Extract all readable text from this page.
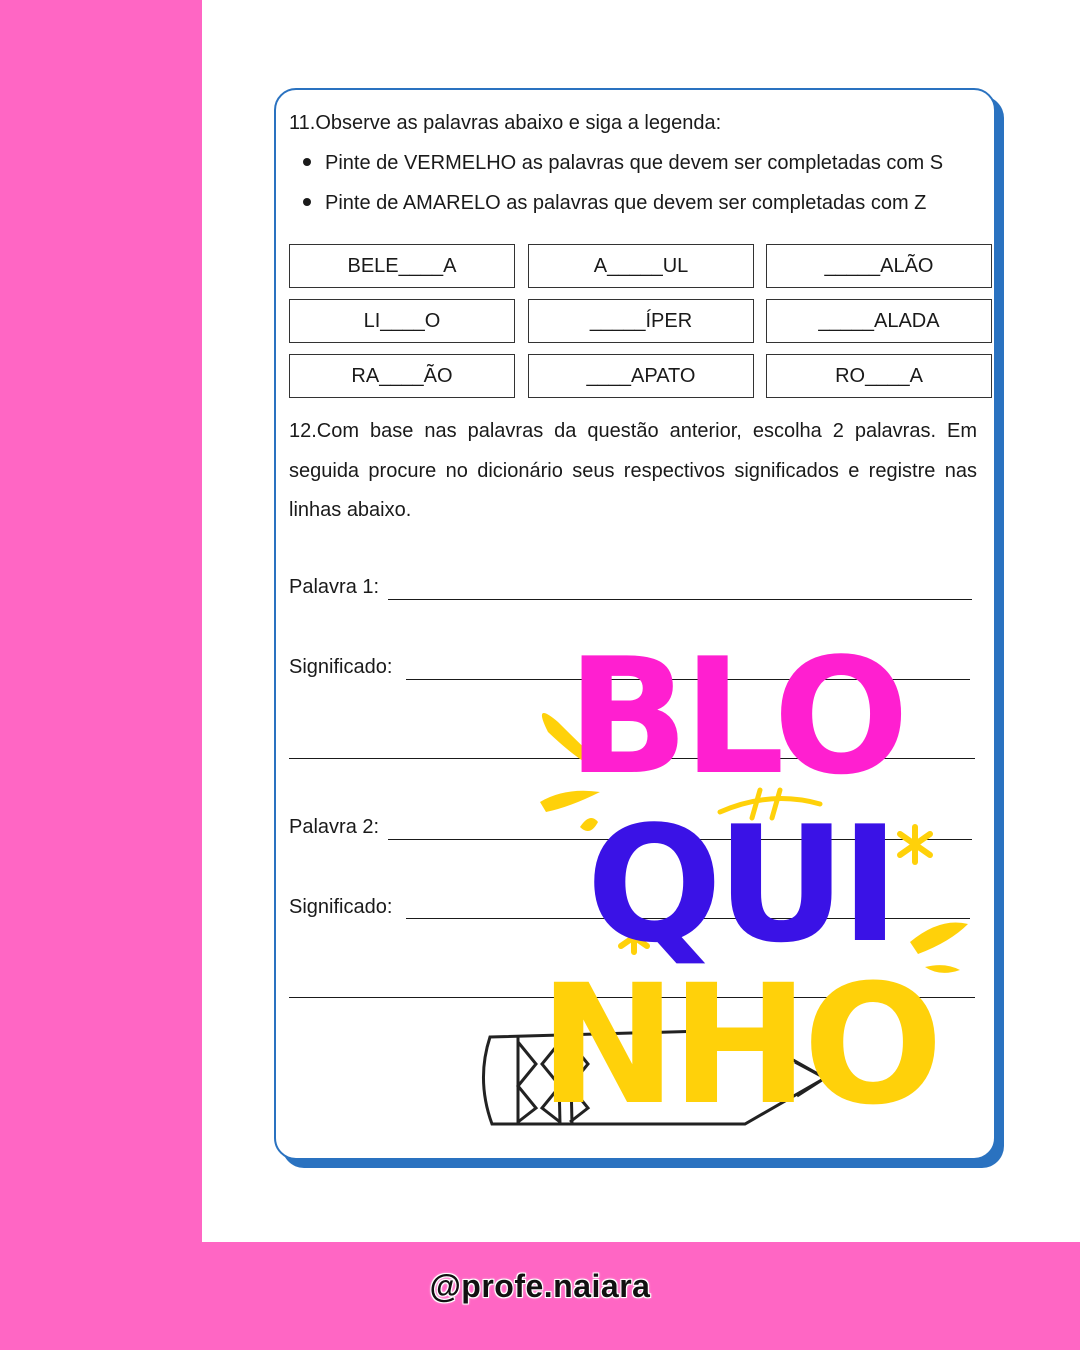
11.Observe as palavras abaixo e siga a legenda:
Pinte de VERMELHO as palavras que devem ser completadas com S
Pinte de AMARELO as palavras que devem ser completadas com Z
BELE____A	A_____UL	_____ALÃO
LI____O	_____ÍPER	_____ALADA
RA____ÃO	____APATO	RO____A
12.Com base nas palavras da questão anterior, escolha 2 palavras. Em seguida procure no dicionário seus respectivos significados e registre nas linhas abaixo.
Palavra 1:
Significado:
Palavra 2:
Significado:
BLO
QUI
NHO
@profe.naiara
